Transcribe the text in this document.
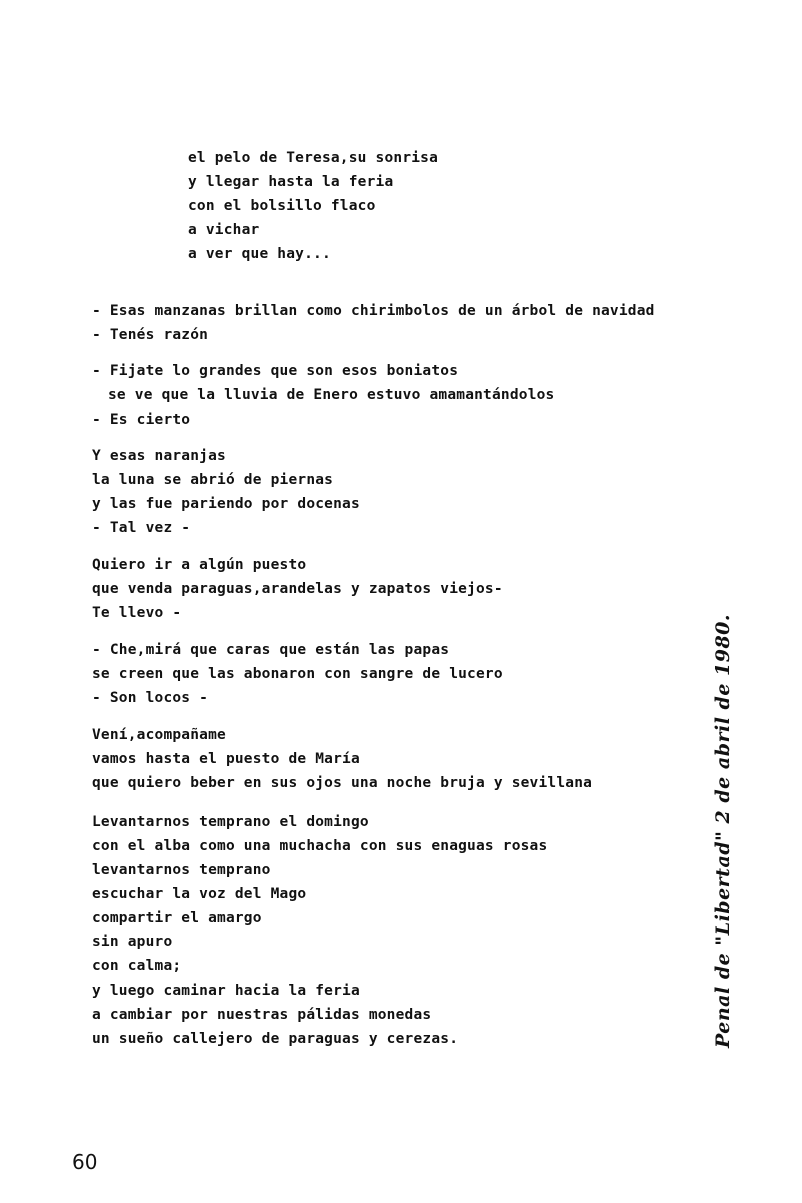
el pelo de Teresa,su sonrisa
y llegar hasta la feria
con el bolsillo flaco
a vichar
a ver que hay...
- Esas manzanas brillan como chirimbolos de un árbol de navidad
- Tenés razón
- Fijate lo grandes que son esos boniatos
se ve que la lluvia de Enero estuvo amamantándolos
- Es cierto
Y esas naranjas
la luna se abrió de piernas
y las fue pariendo por docenas
- Tal vez -
Quiero ir a algún puesto
que venda paraguas,arandelas y zapatos viejos-
Te llevo -
- Che,mirá que caras que están las papas
se creen que las abonaron con sangre de lucero
- Son locos -
Vení,acompañame
vamos hasta el puesto de María
que quiero beber en sus ojos una noche bruja y sevillana
Levantarnos temprano el domingo
con el alba como una muchacha con sus enaguas rosas
levantarnos temprano
escuchar la voz del Mago
compartir el amargo
sin apuro
con calma;
y luego caminar hacia la feria
a cambiar por nuestras pálidas monedas
un sueño callejero de paraguas y cerezas.	Penal de "Libertad" 2 de abril de 1980.
60
